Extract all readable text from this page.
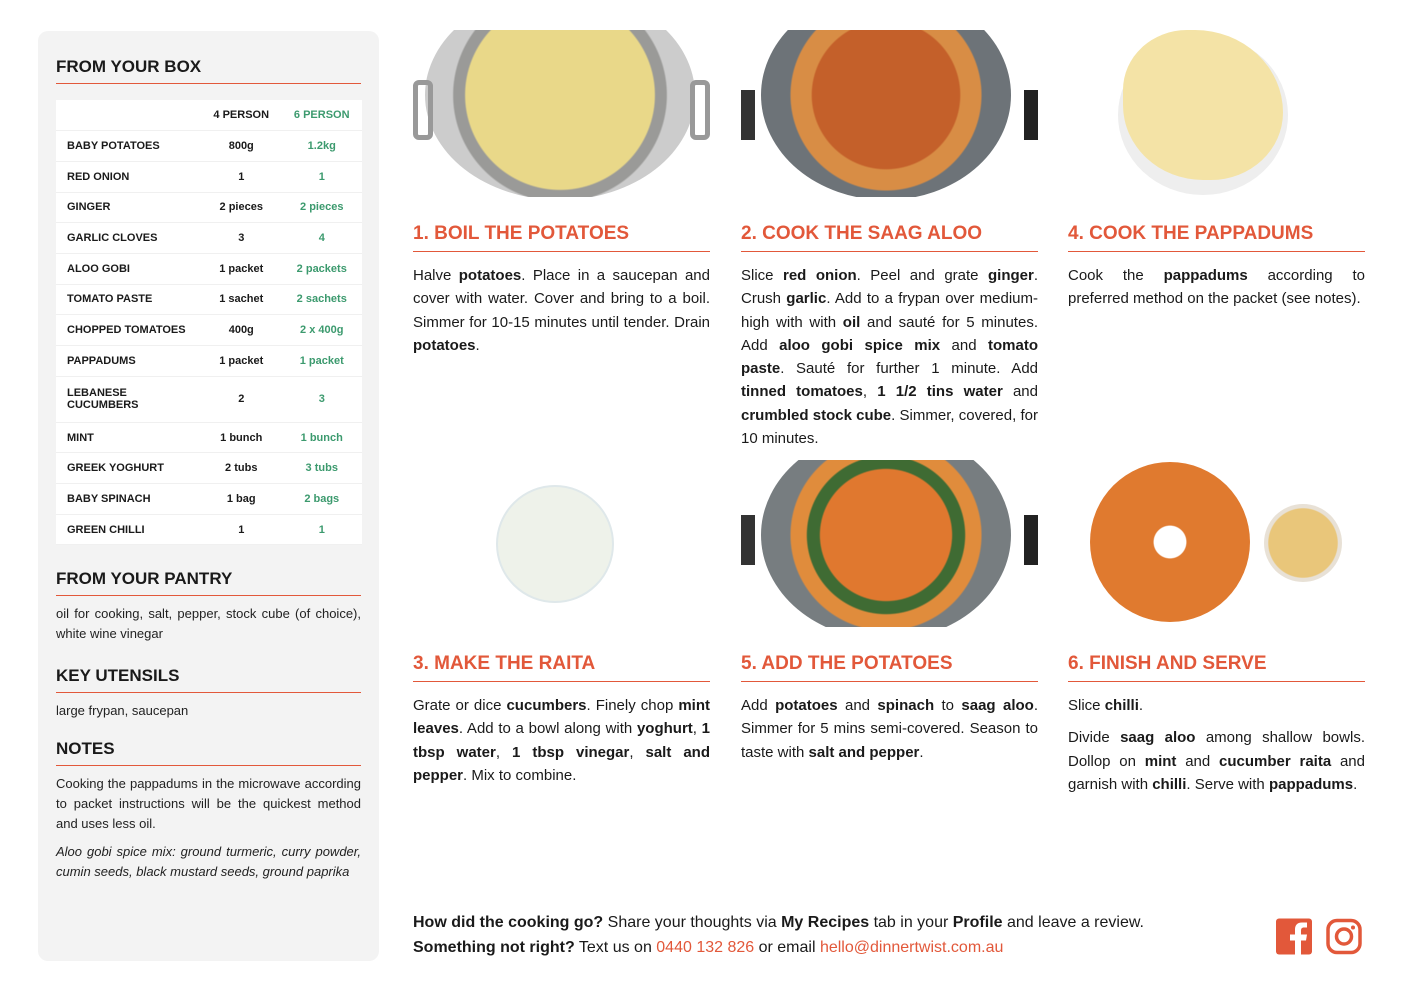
FROM YOUR BOX
	4 PERSON	6 PERSON
BABY POTATOES	800g	1.2kg
RED ONION	1	1
GINGER	2 pieces	2 pieces
GARLIC CLOVES	3	4
ALOO GOBI	1 packet	2 packets
TOMATO PASTE	1 sachet	2 sachets
CHOPPED TOMATOES	400g	2 x 400g
PAPPADUMS	1 packet	1 packet
LEBANESE CUCUMBERS	2	3
MINT	1 bunch	1 bunch
GREEK YOGHURT	2 tubs	3 tubs
BABY SPINACH	1 bag	2 bags
GREEN CHILLI	1	1
FROM YOUR PANTRY
oil for cooking, salt, pepper, stock cube (of choice), white wine vinegar
KEY UTENSILS
large frypan, saucepan
NOTES
Cooking the pappadums in the microwave according to packet instructions will be the quickest method and uses less oil.
Aloo gobi spice mix: ground turmeric, curry powder, cumin seeds, black mustard seeds, ground paprika
1. BOIL THE POTATOES
Halve potatoes. Place in a saucepan and cover with water. Cover and bring to a boil. Simmer for 10-15 minutes until tender. Drain potatoes.
2. COOK THE SAAG ALOO
Slice red onion. Peel and grate ginger. Crush garlic. Add to a frypan over medium-high with with oil and sauté for 5 minutes. Add aloo gobi spice mix and tomato paste. Sauté for further 1 minute. Add tinned tomatoes, 1 1/2 tins water and crumbled stock cube. Simmer, covered, for 10 minutes.
4. COOK THE PAPPADUMS
Cook the pappadums according to preferred method on the packet (see notes).
3. MAKE THE RAITA
Grate or dice cucumbers. Finely chop mint leaves. Add to a bowl along with yoghurt, 1 tbsp water, 1 tbsp vinegar, salt and pepper. Mix to combine.
5. ADD THE POTATOES
Add potatoes and spinach to saag aloo. Simmer for 5 mins semi-covered. Season to taste with salt and pepper.
6. FINISH AND SERVE
Slice chilli.
Divide saag aloo among shallow bowls. Dollop on mint and cucumber raita and garnish with chilli. Serve with pappadums.
How did the cooking go? Share your thoughts via My Recipes tab in your Profile and leave a review.
Something not right? Text us on 0440 132 826 or email hello@dinnertwist.com.au
